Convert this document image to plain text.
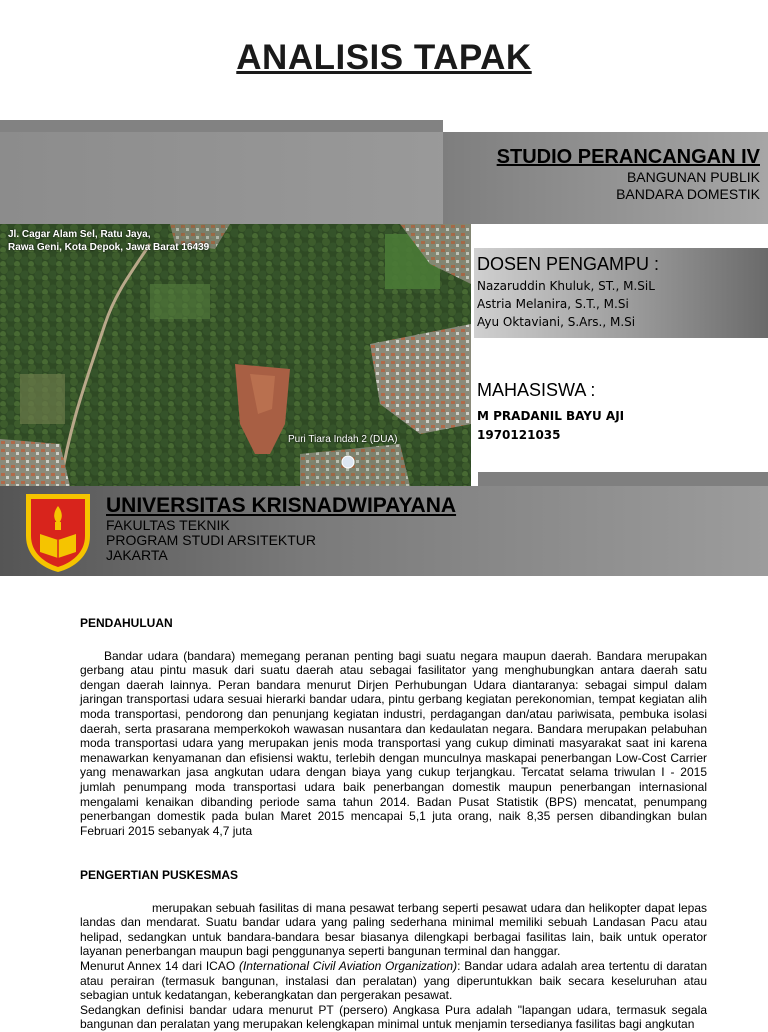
ANALISIS TAPAK
STUDIO PERANCANGAN IV
BANGUNAN PUBLIK
BANDARA DOMESTIK
Jl. Cagar Alam Sel, Ratu Jaya,
Rawa Geni, Kota Depok, Jawa Barat 16439
Puri Tiara Indah 2 (DUA)
DOSEN PENGAMPU :
Nazaruddin Khuluk, ST., M.SiL
Astria Melanira, S.T., M.Si
Ayu Oktaviani, S.Ars., M.Si
MAHASISWA :
M PRADANIL BAYU AJI
1970121035
UNIVERSITAS KRISNADWIPAYANA
FAKULTAS TEKNIK
PROGRAM STUDI ARSITEKTUR
JAKARTA
PENDAHULUAN
Bandar udara (bandara) memegang peranan penting bagi suatu negara maupun daerah. Bandara merupakan gerbang atau pintu masuk dari suatu daerah atau sebagai fasilitator yang menghubungkan antara daerah satu dengan daerah lainnya. Peran bandara menurut Dirjen Perhubungan Udara diantaranya: sebagai simpul dalam jaringan transportasi udara sesuai hierarki bandar udara, pintu gerbang kegiatan perekonomian, tempat kegiatan alih moda transportasi, pendorong dan penunjang kegiatan industri, perdagangan dan/atau pariwisata, pembuka isolasi daerah, serta prasarana memperkokoh wawasan nusantara dan kedaulatan negara. Bandara merupakan pelabuhan moda transportasi udara yang merupakan jenis moda transportasi yang cukup diminati masyarakat saat ini karena menawarkan kenyamanan dan efisiensi waktu, terlebih dengan munculnya maskapai penerbangan Low-Cost Carrier yang menawarkan jasa angkutan udara dengan biaya yang cukup terjangkau. Tercatat selama triwulan I - 2015 jumlah penumpang moda transportasi udara baik penerbangan domestik maupun penerbangan internasional mengalami kenaikan dibanding periode sama tahun 2014. Badan Pusat Statistik (BPS) mencatat, penumpang penerbangan domestik pada bulan Maret 2015 mencapai 5,1 juta orang, naik 8,35 persen dibandingkan bulan Februari 2015 sebanyak 4,7 juta
PENGERTIAN PUSKESMAS
merupakan sebuah fasilitas di mana pesawat terbang seperti pesawat udara dan helikopter dapat lepas landas dan mendarat. Suatu bandar udara yang paling sederhana minimal memiliki sebuah Landasan Pacu atau helipad, sedangkan untuk bandara-bandara besar biasanya dilengkapi berbagai fasilitas lain, baik untuk operator layanan penerbangan maupun bagi penggunanya seperti bangunan terminal dan hanggar.
Menurut Annex 14 dari ICAO (International Civil Aviation Organization): Bandar udara adalah area tertentu di daratan atau perairan (termasuk bangunan, instalasi dan peralatan) yang diperuntukkan baik secara keseluruhan atau sebagian untuk kedatangan, keberangkatan dan pergerakan pesawat.
Sedangkan definisi bandar udara menurut PT (persero) Angkasa Pura adalah "lapangan udara, termasuk segala bangunan dan peralatan yang merupakan kelengkapan minimal untuk menjamin tersedianya fasilitas bagi angkutan
